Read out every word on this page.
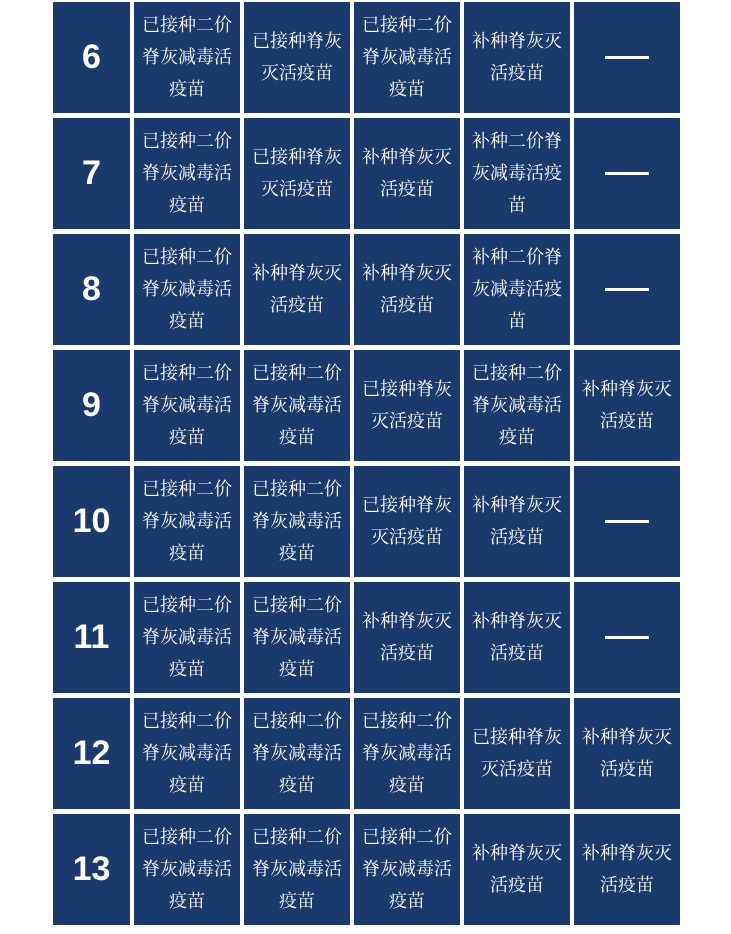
6
已接种二价脊灰减毒活疫苗
已接种脊灰灭活疫苗
已接种二价脊灰减毒活疫苗
补种脊灰灭活疫苗
7
已接种二价脊灰减毒活疫苗
已接种脊灰灭活疫苗
补种脊灰灭活疫苗
补种二价脊灰减毒活疫苗
8
已接种二价脊灰减毒活疫苗
补种脊灰灭活疫苗
补种脊灰灭活疫苗
补种二价脊灰减毒活疫苗
9
已接种二价脊灰减毒活疫苗
已接种二价脊灰减毒活疫苗
已接种脊灰灭活疫苗
已接种二价脊灰减毒活疫苗
补种脊灰灭活疫苗
10
已接种二价脊灰减毒活疫苗
已接种二价脊灰减毒活疫苗
已接种脊灰灭活疫苗
补种脊灰灭活疫苗
11
已接种二价脊灰减毒活疫苗
已接种二价脊灰减毒活疫苗
补种脊灰灭活疫苗
补种脊灰灭活疫苗
12
已接种二价脊灰减毒活疫苗
已接种二价脊灰减毒活疫苗
已接种二价脊灰减毒活疫苗
已接种脊灰灭活疫苗
补种脊灰灭活疫苗
13
已接种二价脊灰减毒活疫苗
已接种二价脊灰减毒活疫苗
已接种二价脊灰减毒活疫苗
补种脊灰灭活疫苗
补种脊灰灭活疫苗
